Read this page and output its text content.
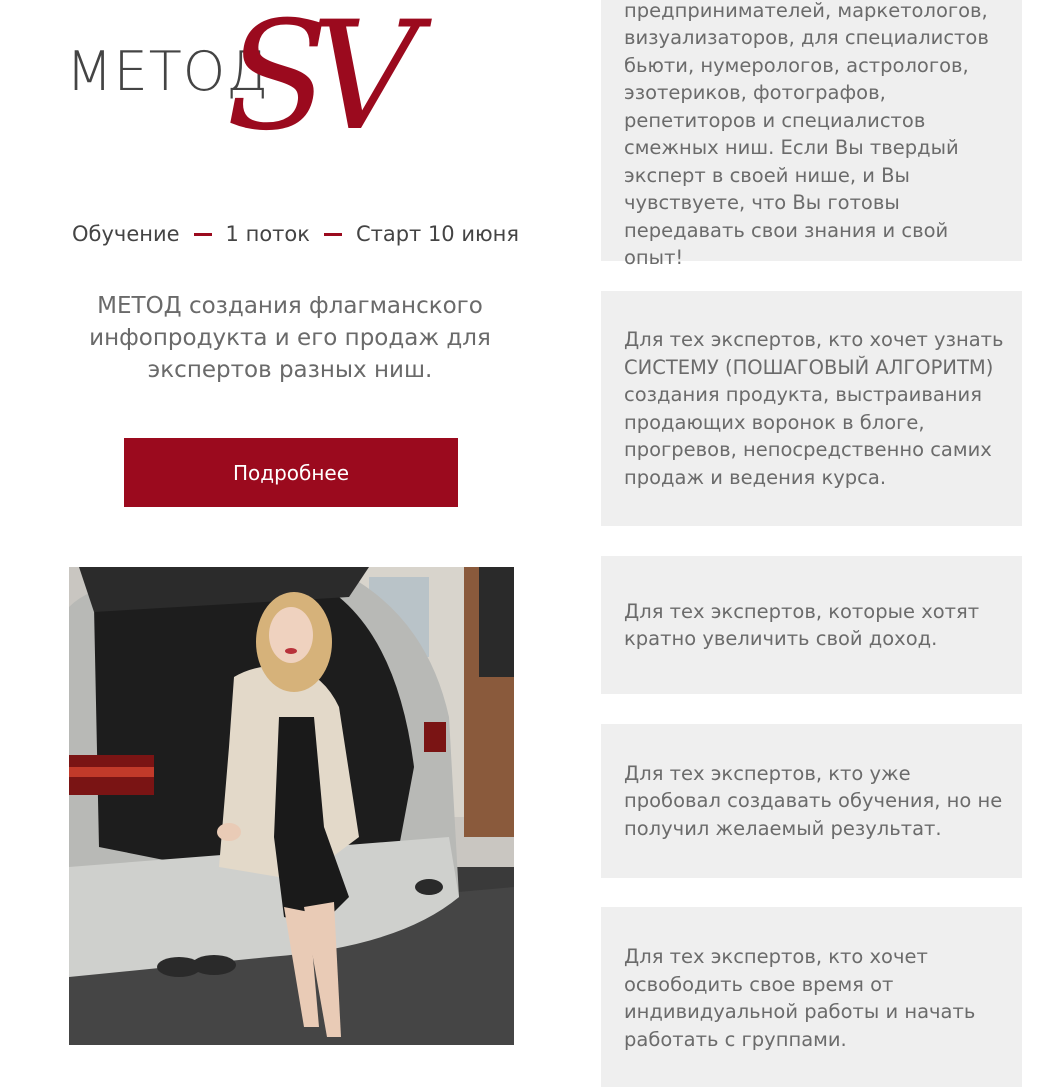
МЕТОД
SV
Обучение 1 поток Старт 10 июня
МЕТОД создания флагманского инфопродукта и его продаж для экспертов разных ниш.
Подробнее

предпринимателей, маркетологов, визуализаторов, для специалистов бьюти, нумерологов, астрологов, эзотериков, фотографов, репетиторов и специалистов смежных ниш. Если Вы твердый эксперт в своей нише, и Вы чувствуете, что Вы готовы передавать свои знания и свой опыт!

Для тех экспертов, кто хочет узнать СИСТЕМУ (ПОШАГОВЫЙ АЛГОРИТМ) создания продукта, выстраивания продающих воронок в блоге, прогревов, непосредственно самих продаж и ведения курса.

Для тех экспертов, которые хотят кратно увеличить свой доход.

Для тех экспертов, кто уже пробовал создавать обучения, но не получил желаемый результат.

Для тех экспертов, кто хочет освободить свое время от индивидуальной работы и начать работать с группами.
